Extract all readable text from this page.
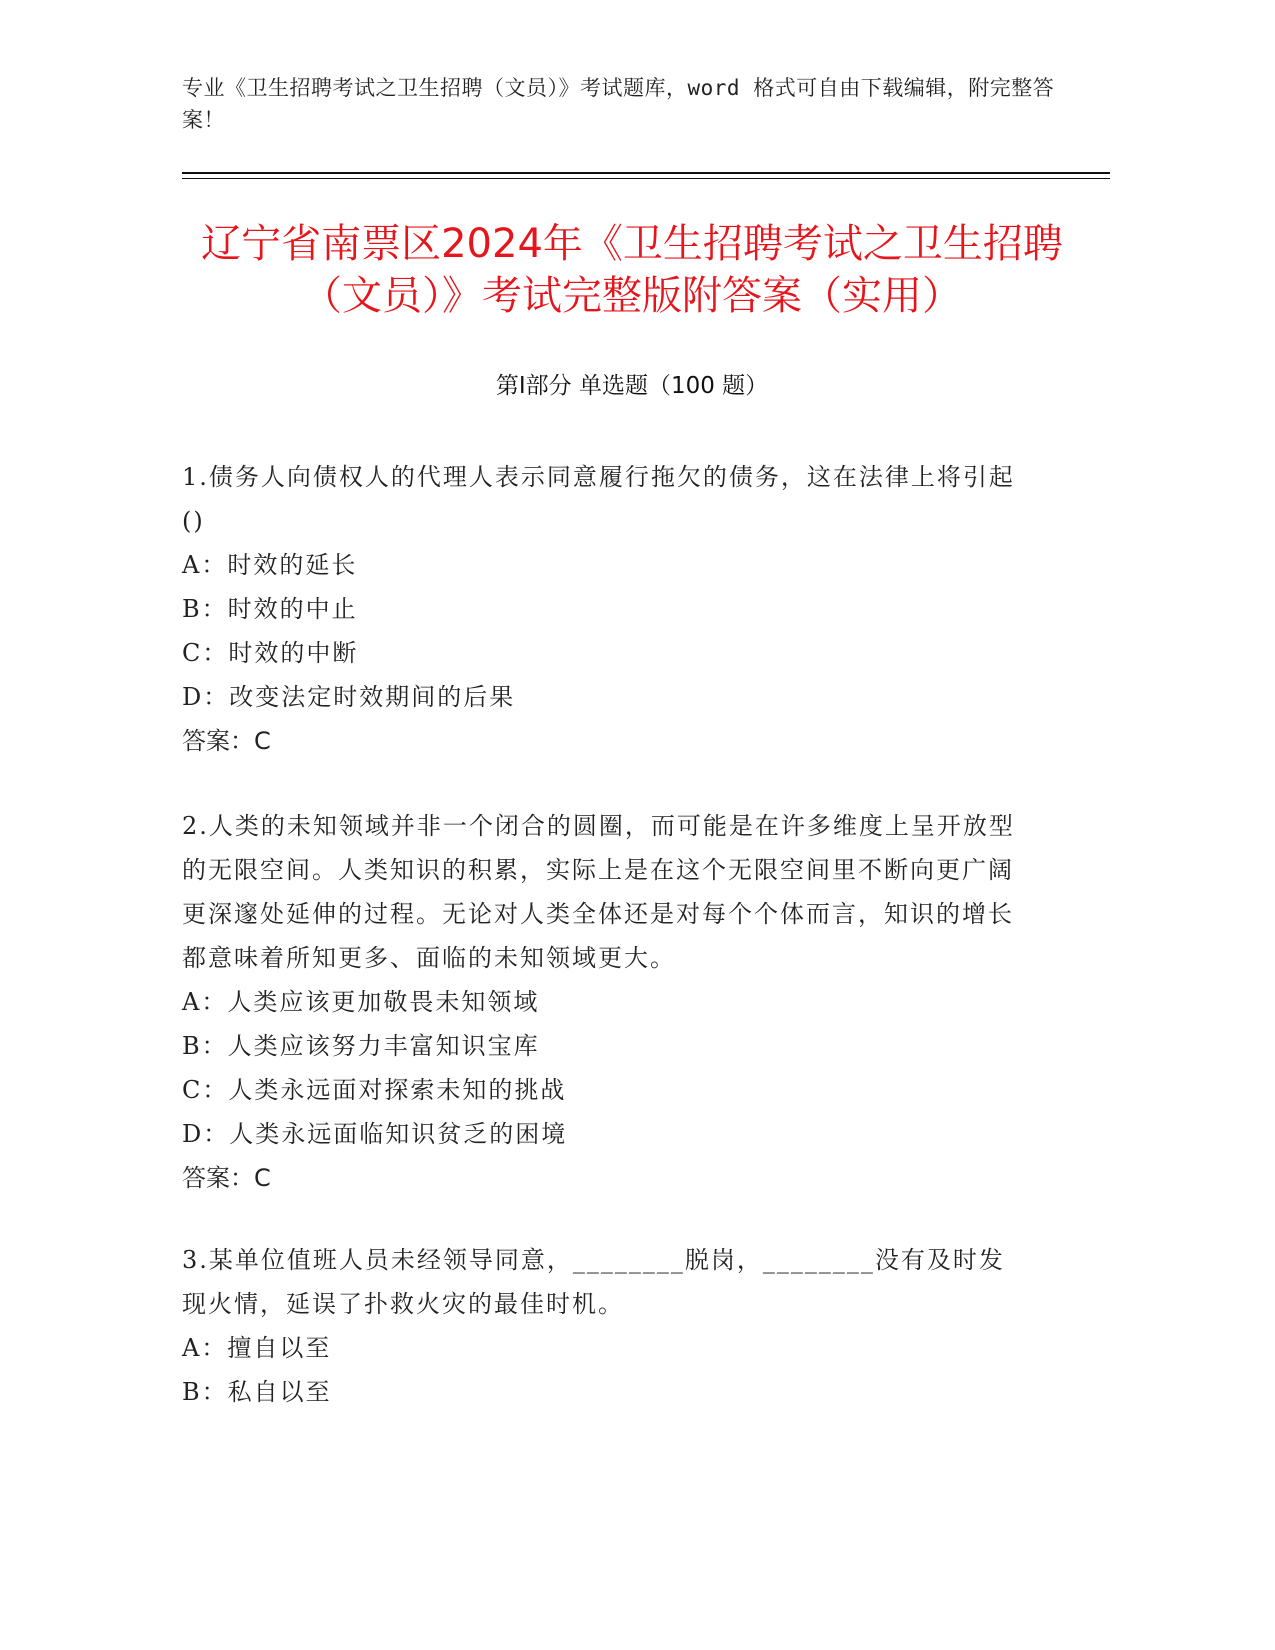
专业《卫生招聘考试之卫生招聘（文员）》考试题库，word 格式可自由下载编辑，附完整答案！
辽宁省南票区2024年《卫生招聘考试之卫生招聘（文员）》考试完整版附答案（实用）
第Ⅰ部分 单选题（100 题）

1.债务人向债权人的代理人表示同意履行拖欠的债务，这在法律上将引起()

A：时效的延长

B：时效的中止

C：时效的中断

D：改变法定时效期间的后果

答案：C

2.人类的未知领域并非一个闭合的圆圈，而可能是在许多维度上呈开放型的无限空间。人类知识的积累，实际上是在这个无限空间里不断向更广阔更深邃处延伸的过程。无论对人类全体还是对每个个体而言，知识的增长都意味着所知更多、面临的未知领域更大。

A：人类应该更加敬畏未知领域

B：人类应该努力丰富知识宝库

C：人类永远面对探索未知的挑战

D：人类永远面临知识贫乏的困境

答案：C

3.某单位值班人员未经领导同意，________脱岗，________没有及时发现火情，延误了扑救火灾的最佳时机。

A：擅自以至

B：私自以至
